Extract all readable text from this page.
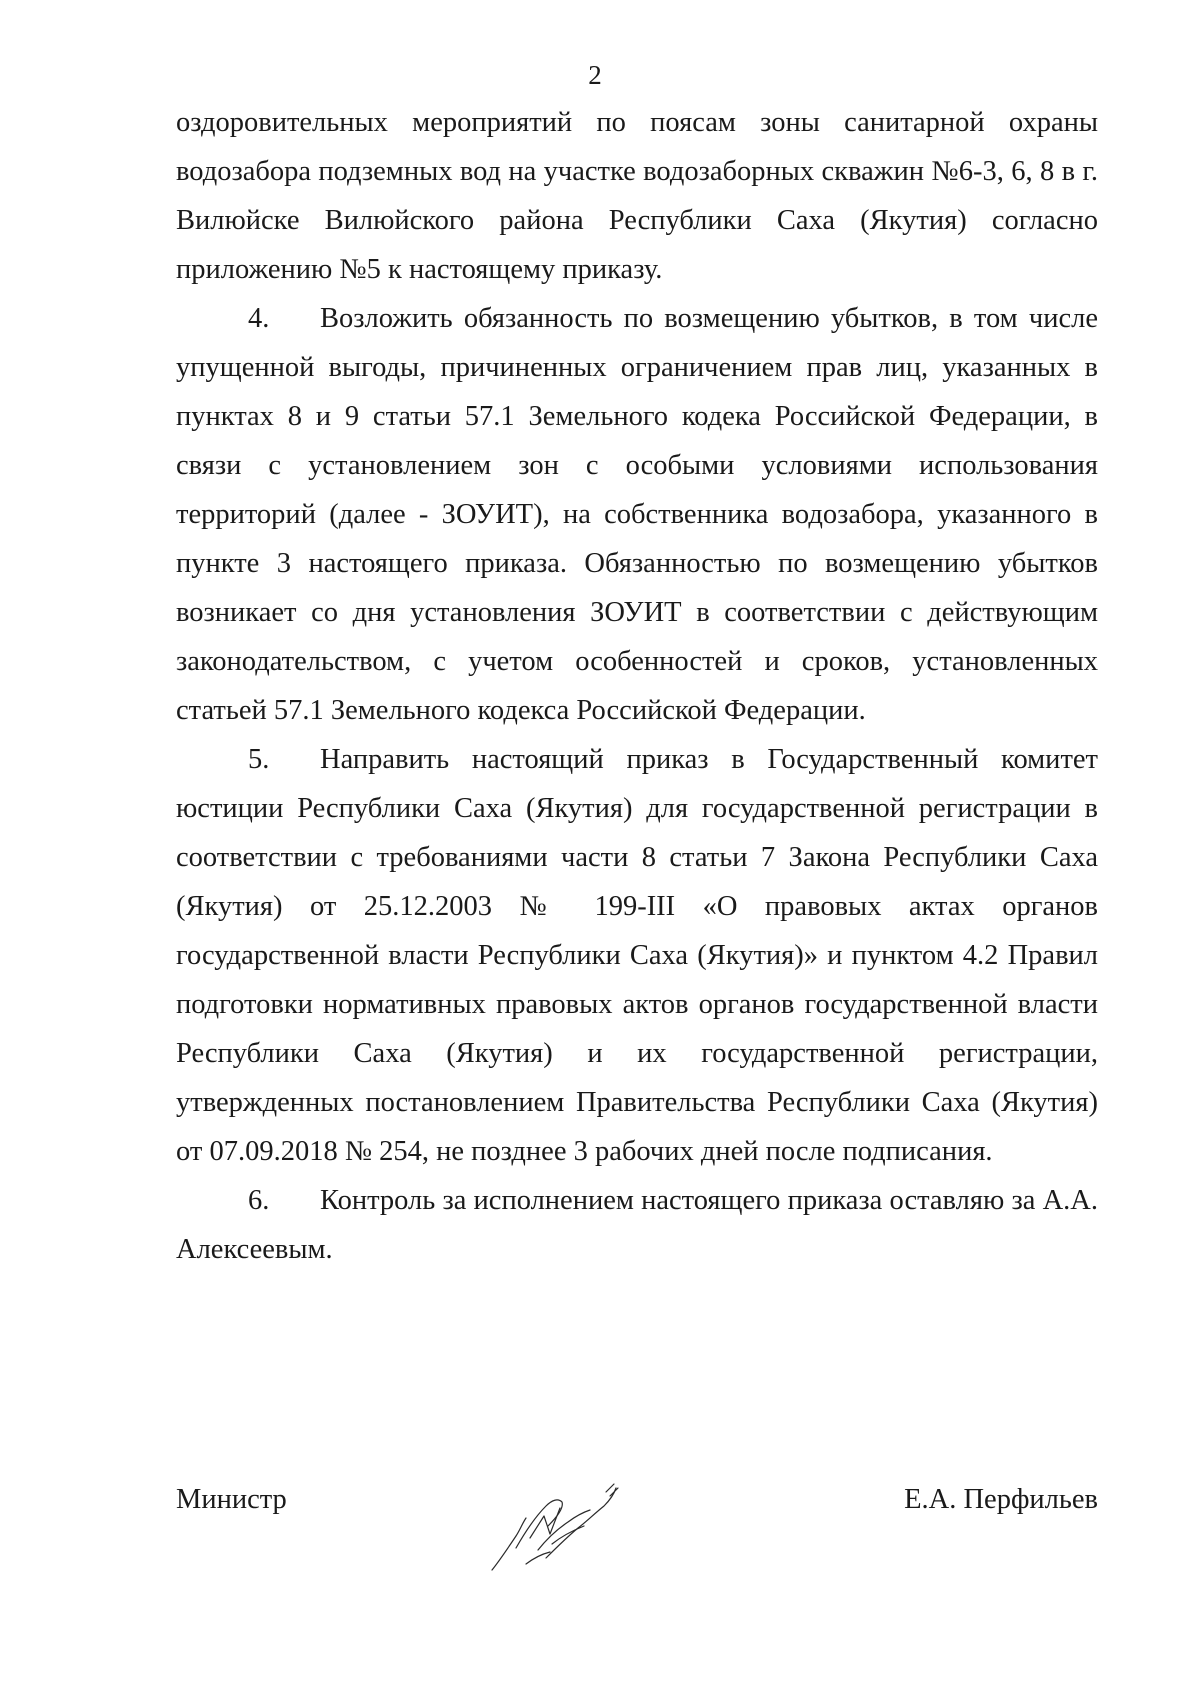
2

оздоровительных мероприятий по поясам зоны санитарной охраны водозабора подземных вод на участке водозаборных скважин №6-3, 6, 8 в г. Вилюйске Вилюйского района Республики Саха (Якутия) согласно приложению №5 к настоящему приказу.

4. Возложить обязанность по возмещению убытков, в том числе упущенной выгоды, причиненных ограничением прав лиц, указанных в пунктах 8 и 9 статьи 57.1 Земельного кодека Российской Федерации, в связи с установлением зон с особыми условиями использования территорий (далее - ЗОУИТ), на собственника водозабора, указанного в пункте 3 настоящего приказа. Обязанностью по возмещению убытков возникает со дня установления ЗОУИТ в соответствии с действующим законодательством, с учетом особенностей и сроков, установленных статьей 57.1 Земельного кодекса Российской Федерации.

5. Направить настоящий приказ в Государственный комитет юстиции Республики Саха (Якутия) для государственной регистрации в соответствии с требованиями части 8 статьи 7 Закона Республики Саха (Якутия) от 25.12.2003 № 199-III «О правовых актах органов государственной власти Республики Саха (Якутия)» и пунктом 4.2 Правил подготовки нормативных правовых актов органов государственной власти Республики Саха (Якутия) и их государственной регистрации, утвержденных постановлением Правительства Республики Саха (Якутия) от 07.09.2018 № 254, не позднее 3 рабочих дней после подписания.

6. Контроль за исполнением настоящего приказа оставляю за А.А. Алексеевым.

Министр	Е.А. Перфильев
